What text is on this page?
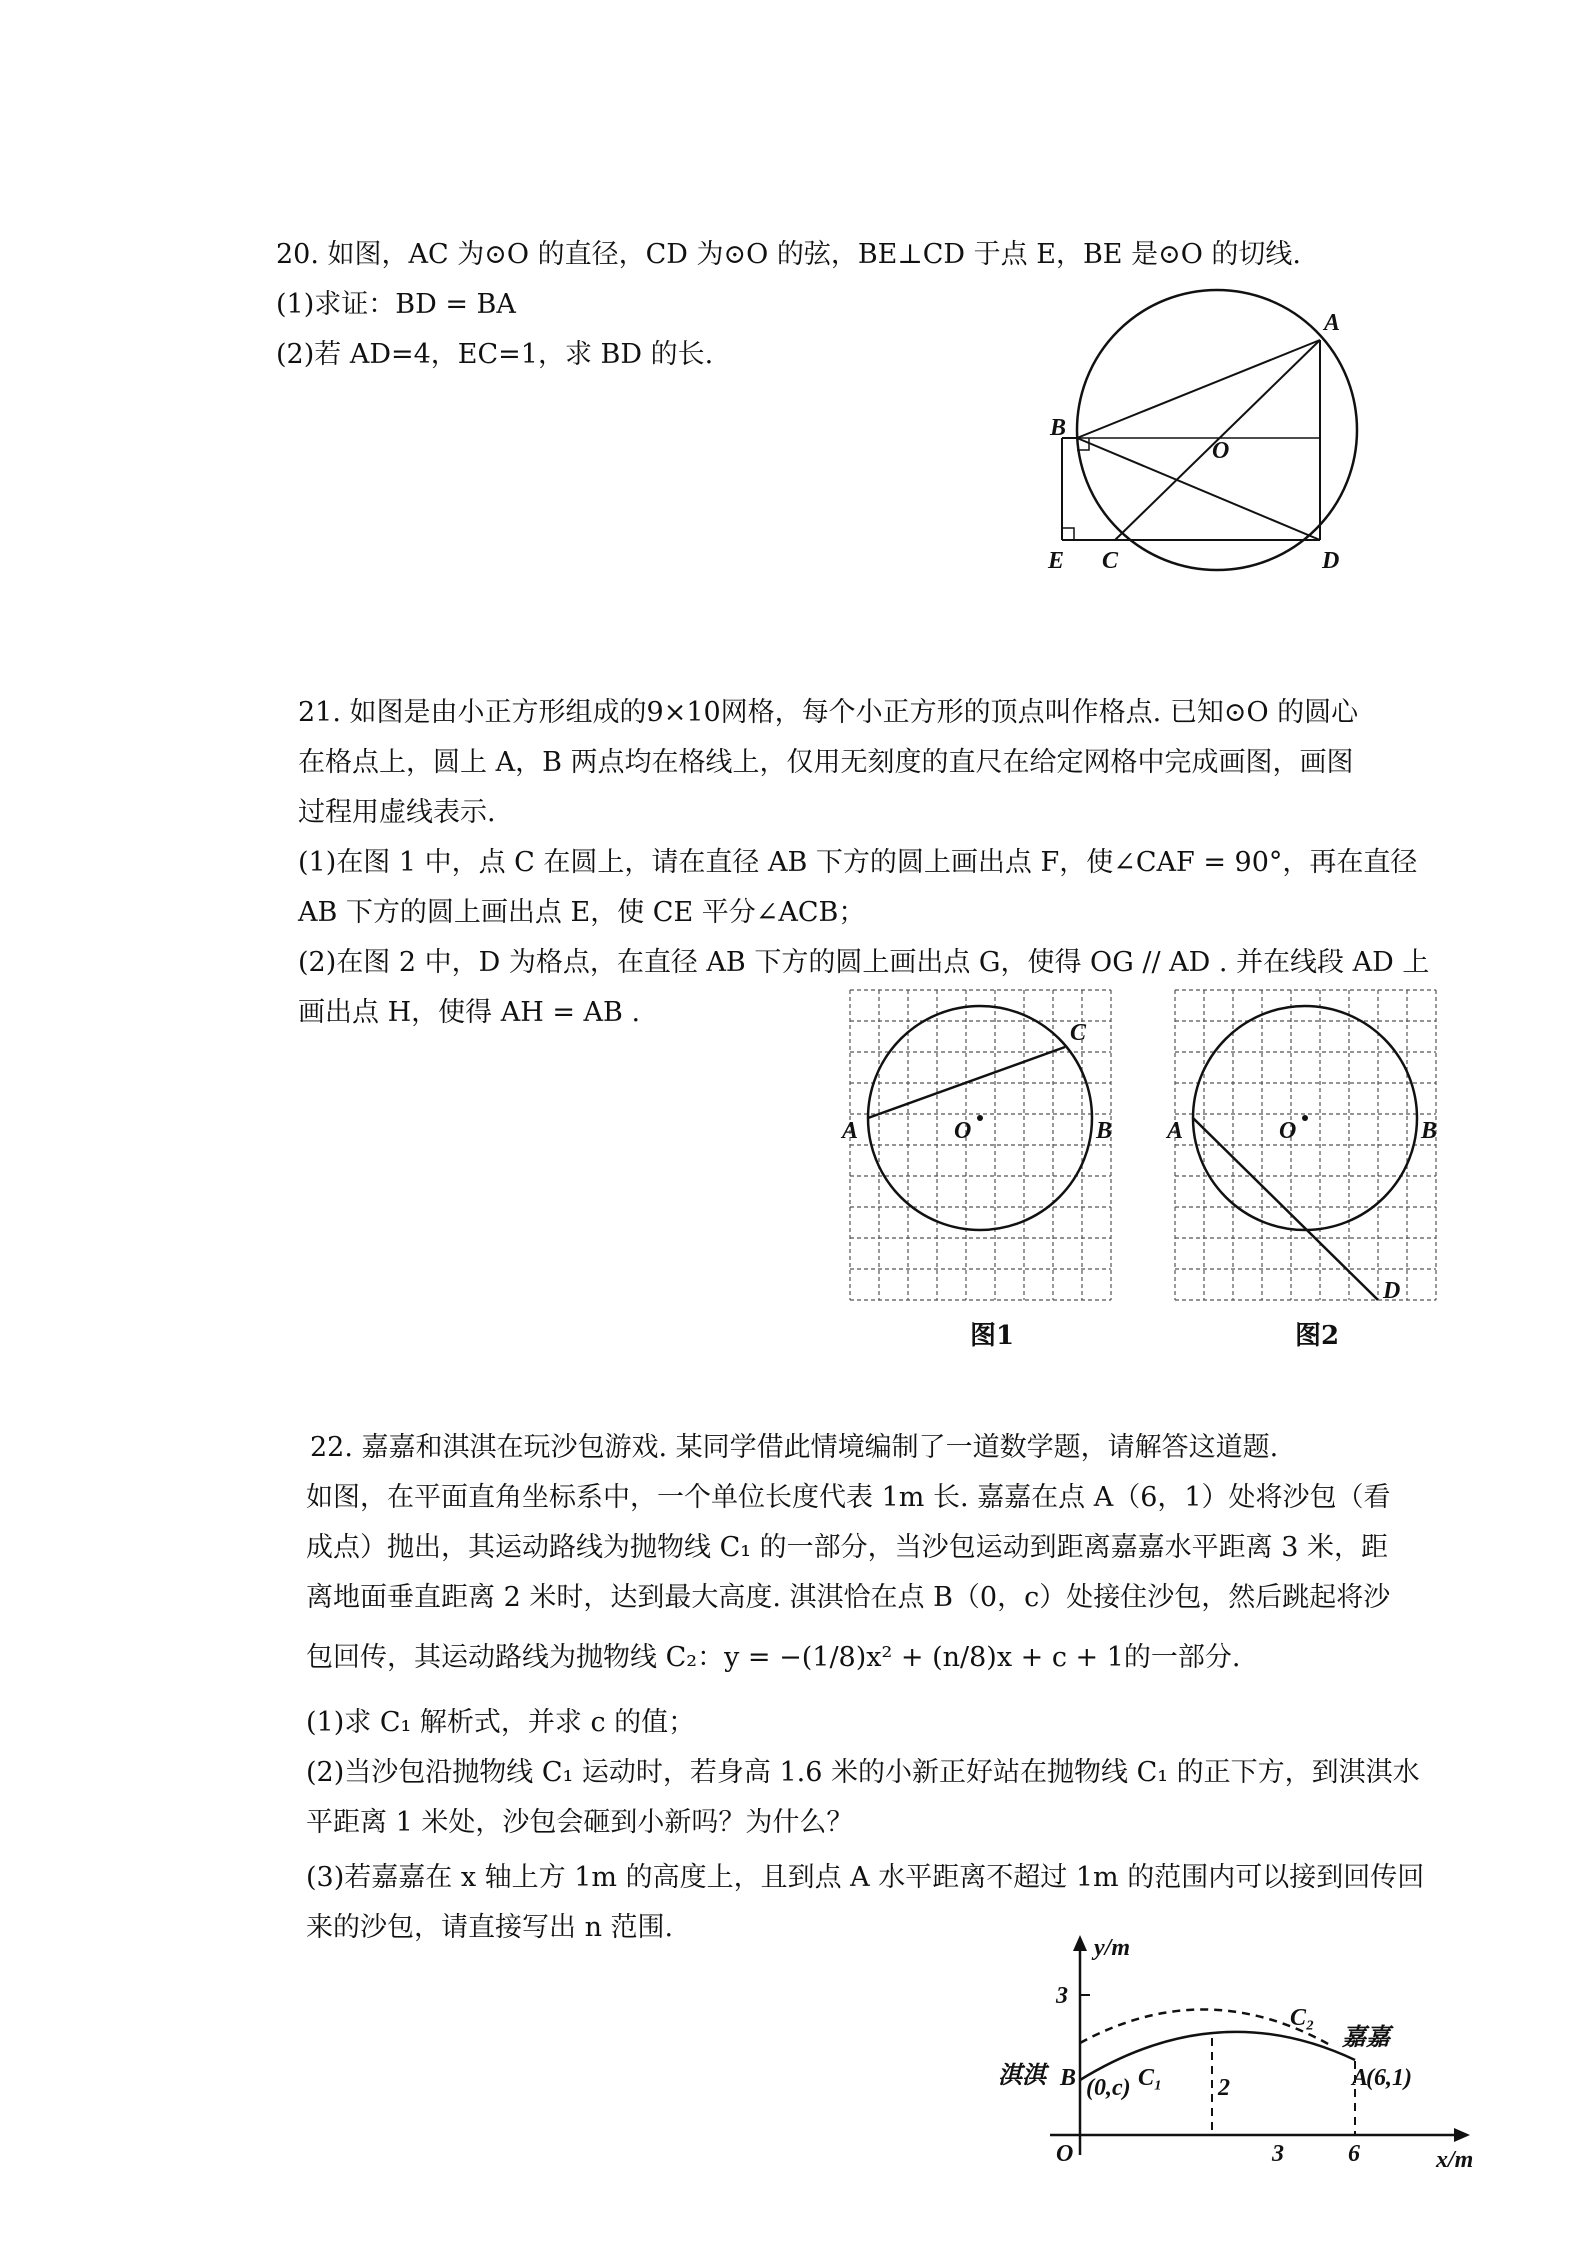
20. 如图，AC 为⊙O 的直径，CD 为⊙O 的弦，BE⊥CD 于点 E，BE 是⊙O 的切线.
(1)求证：BD = BA
(2)若 AD=4，EC=1，求 BD 的长.
A
B
O
E C	D
21. 如图是由小正方形组成的9×10网格，每个小正方形的顶点叫作格点. 已知⊙O 的圆心
在格点上，圆上 A，B 两点均在格线上，仅用无刻度的直尺在给定网格中完成画图，画图
过程用虚线表示.
(1)在图 1 中，点 C 在圆上，请在直径 AB 下方的圆上画出点 F，使∠CAF = 90°，再在直径
AB 下方的圆上画出点 E，使 CE 平分∠ACB；
(2)在图 2 中，D 为格点，在直径 AB 下方的圆上画出点 G，使得 OG // AD . 并在线段 AD 上
画出点 H，使得 AH = AB .
A	O	B
C
图1
A	O	B
D
图2
22. 嘉嘉和淇淇在玩沙包游戏. 某同学借此情境编制了一道数学题，请解答这道题.
如图，在平面直角坐标系中，一个单位长度代表 1m 长. 嘉嘉在点 A（6，1）处将沙包（看
成点）抛出，其运动路线为抛物线 C₁ 的一部分，当沙包运动到距离嘉嘉水平距离 3 米，距
离地面垂直距离 2 米时，达到最大高度. 淇淇恰在点 B（0，c）处接住沙包，然后跳起将沙
包回传，其运动路线为抛物线 C₂：y = −(1/8)x² + (n/8)x + c + 1的一部分.
(1)求 C₁ 解析式，并求 c 的值；
(2)当沙包沿抛物线 C₁ 运动时，若身高 1.6 米的小新正好站在抛物线 C₁ 的正下方，到淇淇水
平距离 1 米处，沙包会砸到小新吗？为什么？
(3)若嘉嘉在 x 轴上方 1m 的高度上，且到点 A 水平距离不超过 1m 的范围内可以接到回传回
来的沙包，请直接写出 n 范围.
y/m
x/m
O
3
3	6
C₁
C₂
2
淇淇 B (0,c)
嘉嘉
A
(6,1)
